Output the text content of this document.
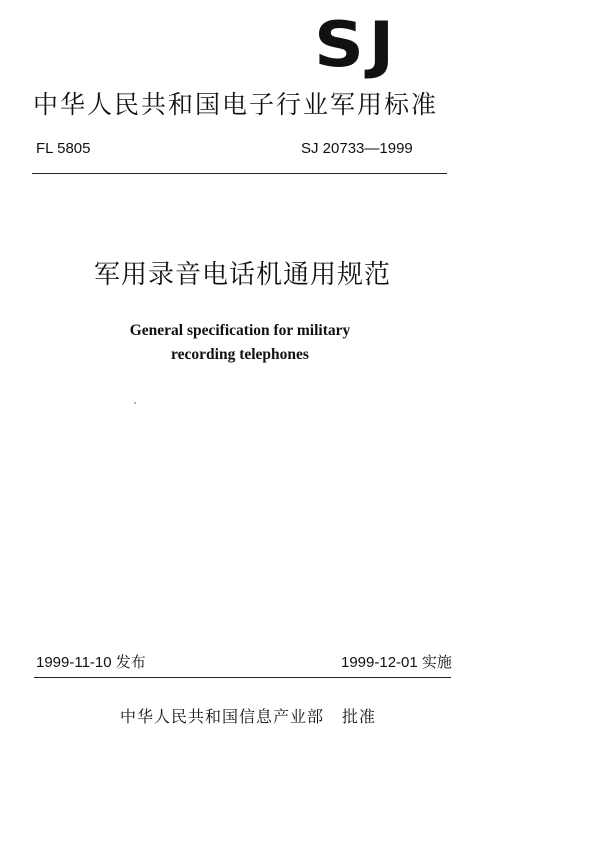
SJ
中华人民共和国电子行业军用标准
FL 5805	SJ 20733—1999
军用录音电话机通用规范
General specification for military
recording telephones
1999-11-10 发布	1999-12-01 实施
中华人民共和国信息产业部 批准
